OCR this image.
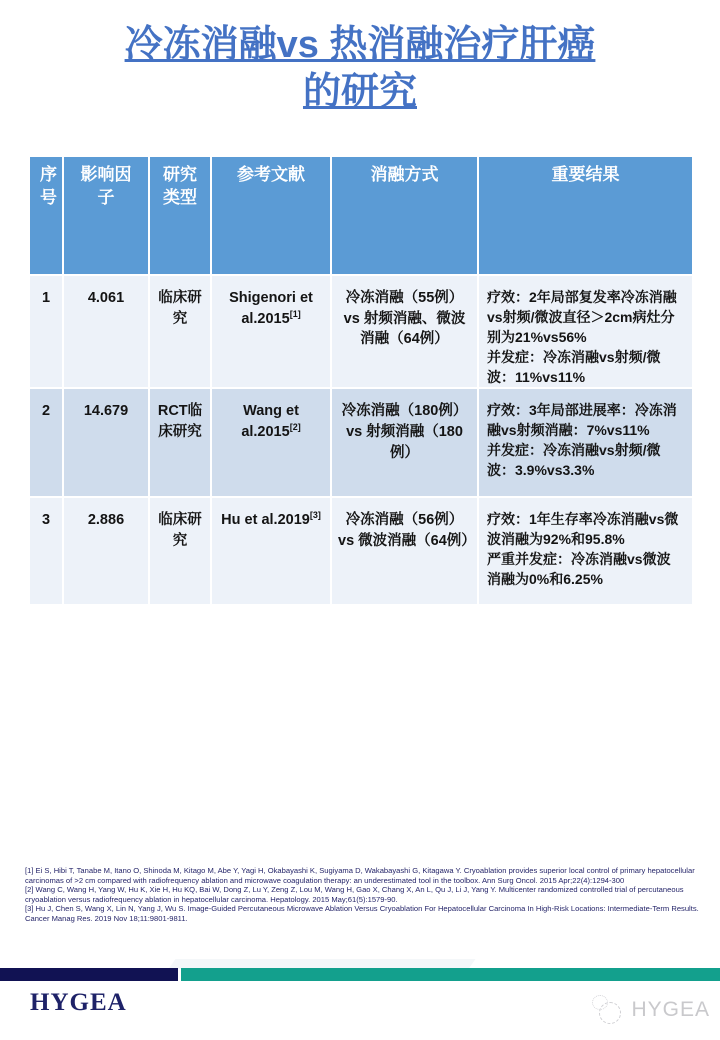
冷冻消融vs 热消融治疗肝癌
的研究
序号	影响因子	研究类型	参考文献	消融方式	重要结果
1	4.061	临床研究	Shigenori et al.2015[1]	冷冻消融（55例）vs 射频消融、微波消融（64例）	疗效：2年局部复发率冷冻消融vs射频/微波直径＞2cm病灶分别为21%vs56%
并发症：冷冻消融vs射频/微波：11%vs11%

2	14.679	RCT临床研究	Wang et al.2015[2]	冷冻消融（180例）vs 射频消融（180例）	疗效：3年局部进展率：冷冻消融vs射频消融：7%vs11%
并发症：冷冻消融vs射频/微波：3.9%vs3.3%

3	2.886	临床研究	Hu et al.2019[3]	冷冻消融（56例）vs 微波消融（64例）	疗效：1年生存率冷冻消融vs微波消融为92%和95.8%
严重并发症：冷冻消融vs微波消融为0%和6.25%
[1] Ei S, Hibi T, Tanabe M, Itano O, Shinoda M, Kitago M, Abe Y, Yagi H, Okabayashi K, Sugiyama D, Wakabayashi G, Kitagawa Y. Cryoablation provides superior local control of primary hepatocellular carcinomas of >2 cm compared with radiofrequency ablation and microwave coagulation therapy: an underestimated tool in the toolbox. Ann Surg Oncol. 2015 Apr;22(4):1294-300
[2] Wang C, Wang H, Yang W, Hu K, Xie H, Hu KQ, Bai W, Dong Z, Lu Y, Zeng Z, Lou M, Wang H, Gao X, Chang X, An L, Qu J, Li J, Yang Y. Multicenter randomized controlled trial of percutaneous cryoablation versus radiofrequency ablation in hepatocellular carcinoma. Hepatology. 2015 May;61(5):1579-90.
[3] Hu J, Chen S, Wang X, Lin N, Yang J, Wu S. Image-Guided Percutaneous Microwave Ablation Versus Cryoablation For Hepatocellular Carcinoma In High-Risk Locations: Intermediate-Term Results. Cancer Manag Res. 2019 Nov 18;11:9801-9811.
HYGEA	HYGEA
